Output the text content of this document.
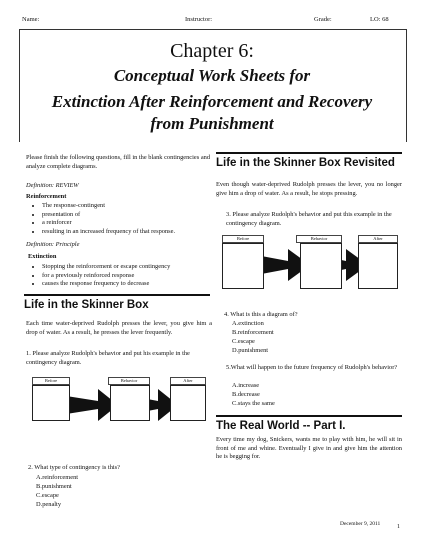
Name:	Instructor:	Grade:	LO: 68
Chapter 6:
Conceptual Work Sheets for
Extinction After Reinforcement and Recovery
from Punishment
Please finish the following questions, fill in the blank contingencies and analyze complete diagrams.
Definition: REVIEW
Reinforcement
• The response-contingent
• presentation of
• a reinforcer
• resulting in an increased frequency of that response.
Definition: Principle
Extinction
• Stopping the reinforcement or escape contingency
• for a previously reinforced response
• causes the response frequency to decrease
Life in the Skinner Box
Each time water-deprived Rudolph presses the lever, you give him a drop of water. As a result, he presses the lever frequently.
1. Please analyze Rudolph's behavior and put his example in the contingency diagram.
Before	Behavior	After
2. What type of contingency is this?
A.reinforcement
B.punishment
C.escape
D.penalty
Life in the Skinner Box Revisited
Even though water-deprived Rudolph presses the lever, you no longer give him a drop of water. As a result, he stops pressing.
3. Please analyze Rudolph's behavior and put this example in the contingency diagram.
Before	Behavior	After
4. What is this a diagram of?
A.extinction
B.reinforcement
C.escape
D.punishment
5.What will happen to the future frequency of Rudolph's behavior?
A.increase
B.decrease
C.stays the same
The Real World -- Part I.
Every time my dog, Snickers, wants me to play with him, he will sit in front of me and whine. Eventually I give in and give him the attention he is begging for.
December 9, 2011	1
